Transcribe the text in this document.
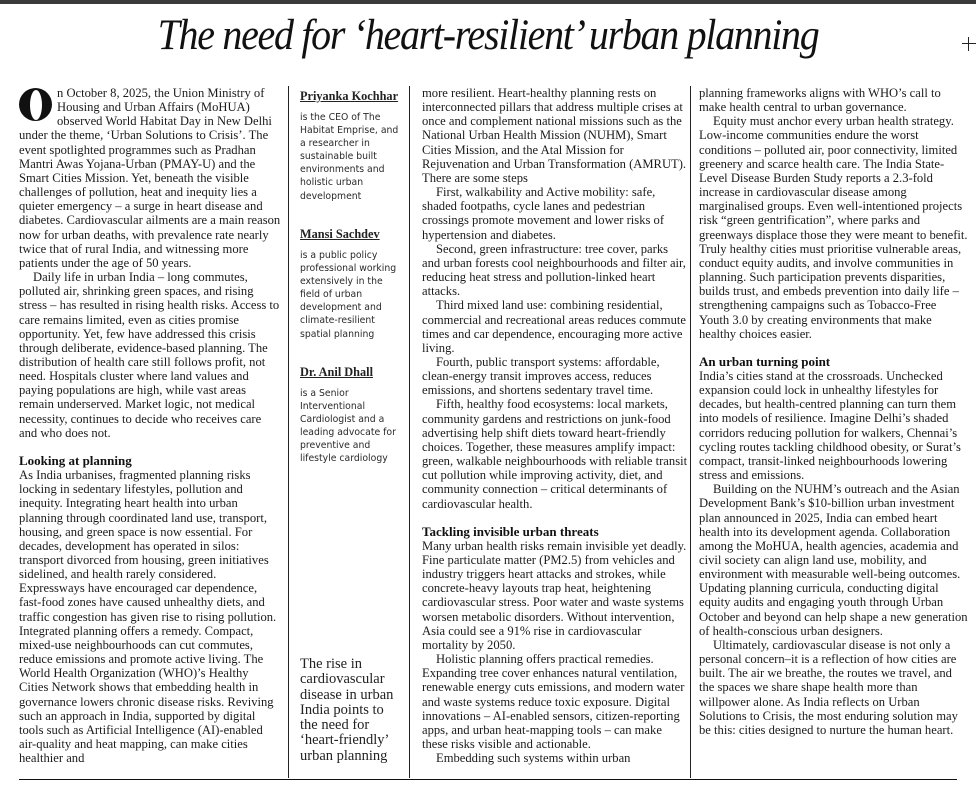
The need for ‘heart-resilient’ urban planning

n October 8, 2025, the Union Ministry of Housing and Urban Affairs (MoHUA) observed World Habitat Day in New Delhi under the theme, ‘Urban Solutions to Crisis’. The event spotlighted programmes such as Pradhan Mantri Awas Yojana-Urban (PMAY-U) and the Smart Cities Mission. Yet, beneath the visible challenges of pollution, heat and inequity lies a quieter emergency – a surge in heart disease and diabetes. Cardiovascular ailments are a main reason now for urban deaths, with prevalence rate nearly twice that of rural India, and witnessing more patients under the age of 50 years.

Daily life in urban India – long commutes, polluted air, shrinking green spaces, and rising stress – has resulted in rising health risks. Access to care remains limited, even as cities promise opportunity. Yet, few have addressed this crisis through deliberate, evidence-based planning. The distribution of health care still follows profit, not need. Hospitals cluster where land values and paying populations are high, while vast areas remain underserved. Market logic, not medical necessity, continues to decide who receives care and who does not.

Looking at planning

As India urbanises, fragmented planning risks locking in sedentary lifestyles, pollution and inequity. Integrating heart health into urban planning through coordinated land use, transport, housing, and green space is now essential. For decades, development has operated in silos: transport divorced from housing, green initiatives sidelined, and health rarely considered. Expressways have encouraged car dependence, fast-food zones have caused unhealthy diets, and traffic congestion has given rise to rising pollution. Integrated planning offers a remedy. Compact, mixed-use neighbourhoods can cut commutes, reduce emissions and promote active living. The World Health Organization (WHO)’s Healthy Cities Network shows that embedding health in governance lowers chronic disease risks. Reviving such an approach in India, supported by digital tools such as Artificial Intelligence (AI)-enabled air-quality and heat mapping, can make cities healthier and

Priyanka Kochhar
is the CEO of The Habitat Emprise, and a researcher in sustainable built environments and holistic urban development
Mansi Sachdev
is a public policy professional working extensively in the field of urban development and climate-resilient spatial planning
Dr. Anil Dhall
is a Senior Interventional Cardiologist and a leading advocate for preventive and lifestyle cardiology
The rise in cardiovascular disease in urban India points to the need for ‘heart-friendly’ urban planning

more resilient. Heart-healthy planning rests on interconnected pillars that address multiple crises at once and complement national missions such as the National Urban Health Mission (NUHM), Smart Cities Mission, and the Atal Mission for Rejuvenation and Urban Transformation (AMRUT). There are some steps

First, walkability and Active mobility: safe, shaded footpaths, cycle lanes and pedestrian crossings promote movement and lower risks of hypertension and diabetes.

Second, green infrastructure: tree cover, parks and urban forests cool neighbourhoods and filter air, reducing heat stress and pollution-linked heart attacks.

Third mixed land use: combining residential, commercial and recreational areas reduces commute times and car dependence, encouraging more active living.

Fourth, public transport systems: affordable, clean-energy transit improves access, reduces emissions, and shortens sedentary travel time.

Fifth, healthy food ecosystems: local markets, community gardens and restrictions on junk-food advertising help shift diets toward heart-friendly choices. Together, these measures amplify impact: green, walkable neighbourhoods with reliable transit cut pollution while improving activity, diet, and community connection – critical determinants of cardiovascular health.

Tackling invisible urban threats

Many urban health risks remain invisible yet deadly. Fine particulate matter (PM2.5) from vehicles and industry triggers heart attacks and strokes, while concrete-heavy layouts trap heat, heightening cardiovascular stress. Poor water and waste systems worsen metabolic disorders. Without intervention, Asia could see a 91% rise in cardiovascular mortality by 2050.

Holistic planning offers practical remedies. Expanding tree cover enhances natural ventilation, renewable energy cuts emissions, and modern water and waste systems reduce toxic exposure. Digital innovations – AI-enabled sensors, citizen-reporting apps, and urban heat-mapping tools – can make these risks visible and actionable.

Embedding such systems within urban

planning frameworks aligns with WHO’s call to make health central to urban governance.

Equity must anchor every urban health strategy. Low-income communities endure the worst conditions – polluted air, poor connectivity, limited greenery and scarce health care. The India State-Level Disease Burden Study reports a 2.3-fold increase in cardiovascular disease among marginalised groups. Even well-intentioned projects risk “green gentrification”, where parks and greenways displace those they were meant to benefit. Truly healthy cities must prioritise vulnerable areas, conduct equity audits, and involve communities in planning. Such participation prevents disparities, builds trust, and embeds prevention into daily life – strengthening campaigns such as Tobacco-Free Youth 3.0 by creating environments that make healthy choices easier.

An urban turning point

India’s cities stand at the crossroads. Unchecked expansion could lock in unhealthy lifestyles for decades, but health-centred planning can turn them into models of resilience. Imagine Delhi’s shaded corridors reducing pollution for walkers, Chennai’s cycling routes tackling childhood obesity, or Surat’s compact, transit-linked neighbourhoods lowering stress and emissions.

Building on the NUHM’s outreach and the Asian Development Bank’s $10-billion urban investment plan announced in 2025, India can embed heart health into its development agenda. Collaboration among the MoHUA, health agencies, academia and civil society can align land use, mobility, and environment with measurable well-being outcomes. Updating planning curricula, conducting digital equity audits and engaging youth through Urban October and beyond can help shape a new generation of health-conscious urban designers.

Ultimately, cardiovascular disease is not only a personal concern–it is a reflection of how cities are built. The air we breathe, the routes we travel, and the spaces we share shape health more than willpower alone. As India reflects on Urban Solutions to Crisis, the most enduring solution may be this: cities designed to nurture the human heart.
